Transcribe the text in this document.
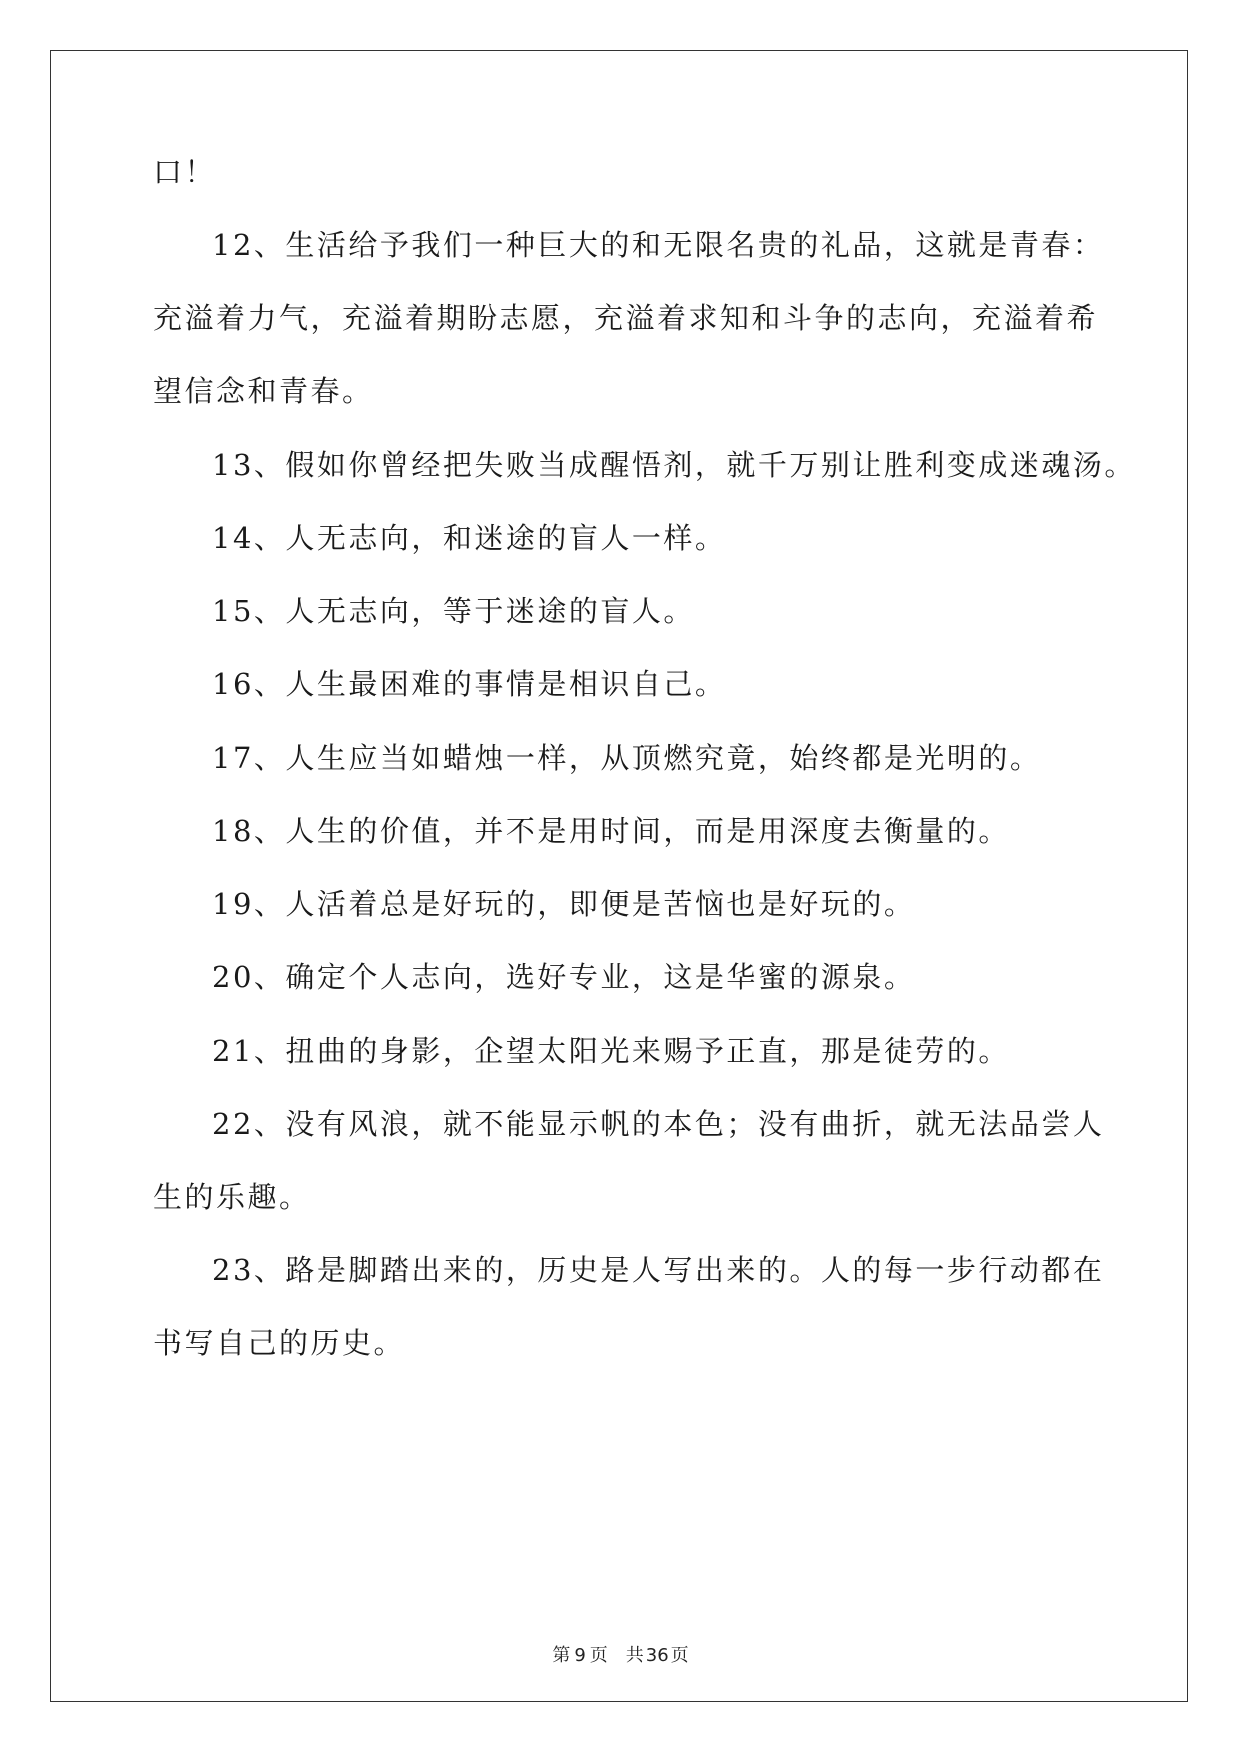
口！
12、生活给予我们一种巨大的和无限名贵的礼品，这就是青春：
充溢着力气，充溢着期盼志愿，充溢着求知和斗争的志向，充溢着希
望信念和青春。
13、假如你曾经把失败当成醒悟剂，就千万别让胜利变成迷魂汤。
14、人无志向，和迷途的盲人一样。
15、人无志向，等于迷途的盲人。
16、人生最困难的事情是相识自己。
17、人生应当如蜡烛一样，从顶燃究竟，始终都是光明的。
18、人生的价值，并不是用时间，而是用深度去衡量的。
19、人活着总是好玩的，即便是苦恼也是好玩的。
20、确定个人志向，选好专业，这是华蜜的源泉。
21、扭曲的身影，企望太阳光来赐予正直，那是徒劳的。
22、没有风浪，就不能显示帆的本色；没有曲折，就无法品尝人
生的乐趣。
23、路是脚踏出来的，历史是人写出来的。人的每一步行动都在
书写自己的历史。
第 9 页 共 36 页
